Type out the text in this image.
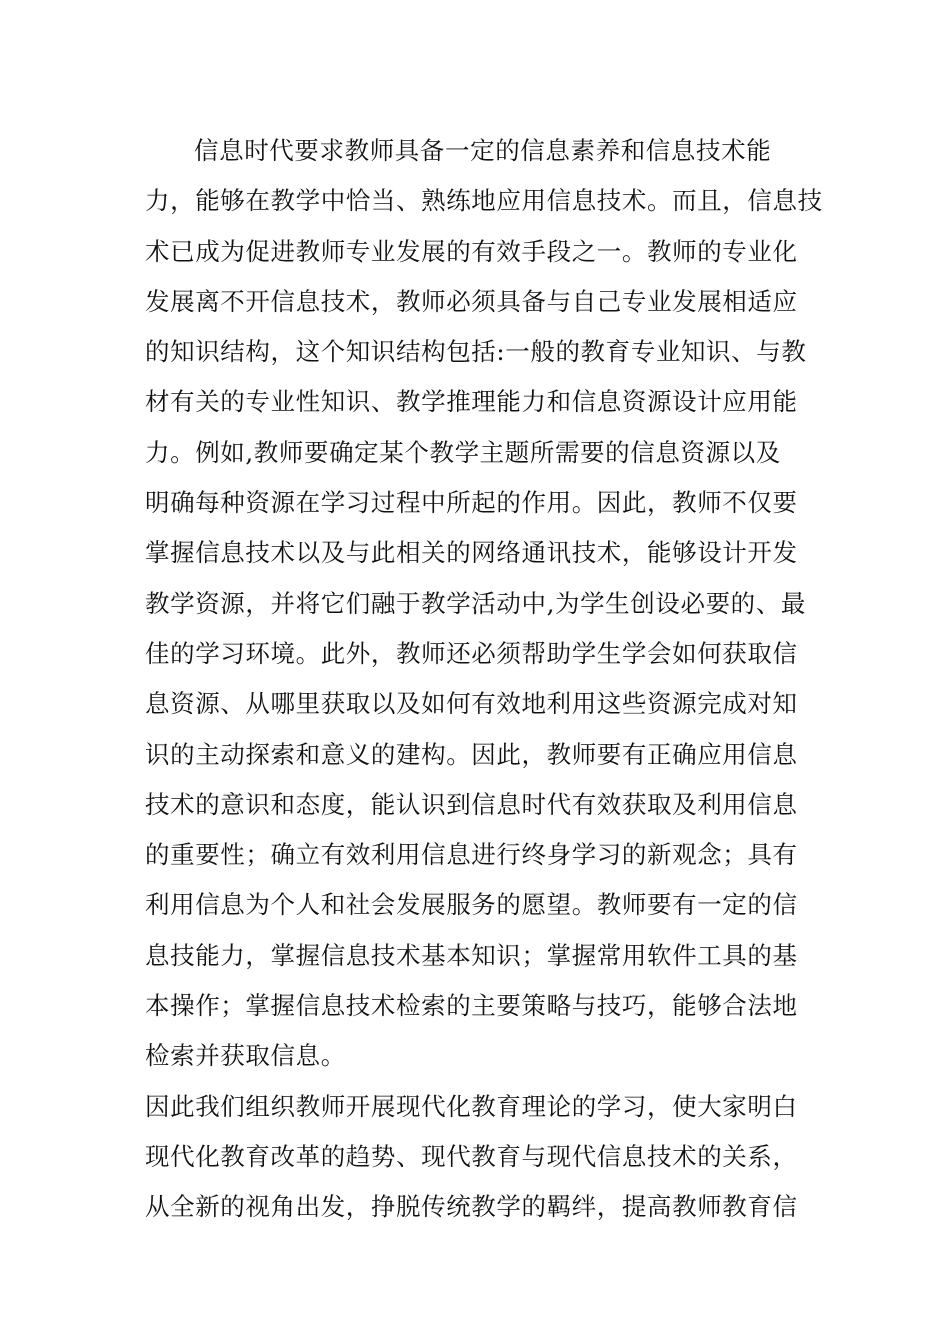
信息时代要求教师具备一定的信息素养和信息技术能
力，能够在教学中恰当、熟练地应用信息技术。而且，信息技
术已成为促进教师专业发展的有效手段之一。教师的专业化
发展离不开信息技术，教师必须具备与自己专业发展相适应
的知识结构，这个知识结构包括:一般的教育专业知识、与教
材有关的专业性知识、教学推理能力和信息资源设计应用能
力。例如,教师要确定某个教学主题所需要的信息资源以及
明确每种资源在学习过程中所起的作用。因此，教师不仅要
掌握信息技术以及与此相关的网络通讯技术，能够设计开发
教学资源，并将它们融于教学活动中,为学生创设必要的、最
佳的学习环境。此外，教师还必须帮助学生学会如何获取信
息资源、从哪里获取以及如何有效地利用这些资源完成对知
识的主动探索和意义的建构。因此，教师要有正确应用信息
技术的意识和态度，能认识到信息时代有效获取及利用信息
的重要性；确立有效利用信息进行终身学习的新观念；具有
利用信息为个人和社会发展服务的愿望。教师要有一定的信
息技能力，掌握信息技术基本知识；掌握常用软件工具的基
本操作；掌握信息技术检索的主要策略与技巧，能够合法地
检索并获取信息。
因此我们组织教师开展现代化教育理论的学习，使大家明白
现代化教育改革的趋势、现代教育与现代信息技术的关系，
从全新的视角出发，挣脱传统教学的羁绊，提高教师教育信
